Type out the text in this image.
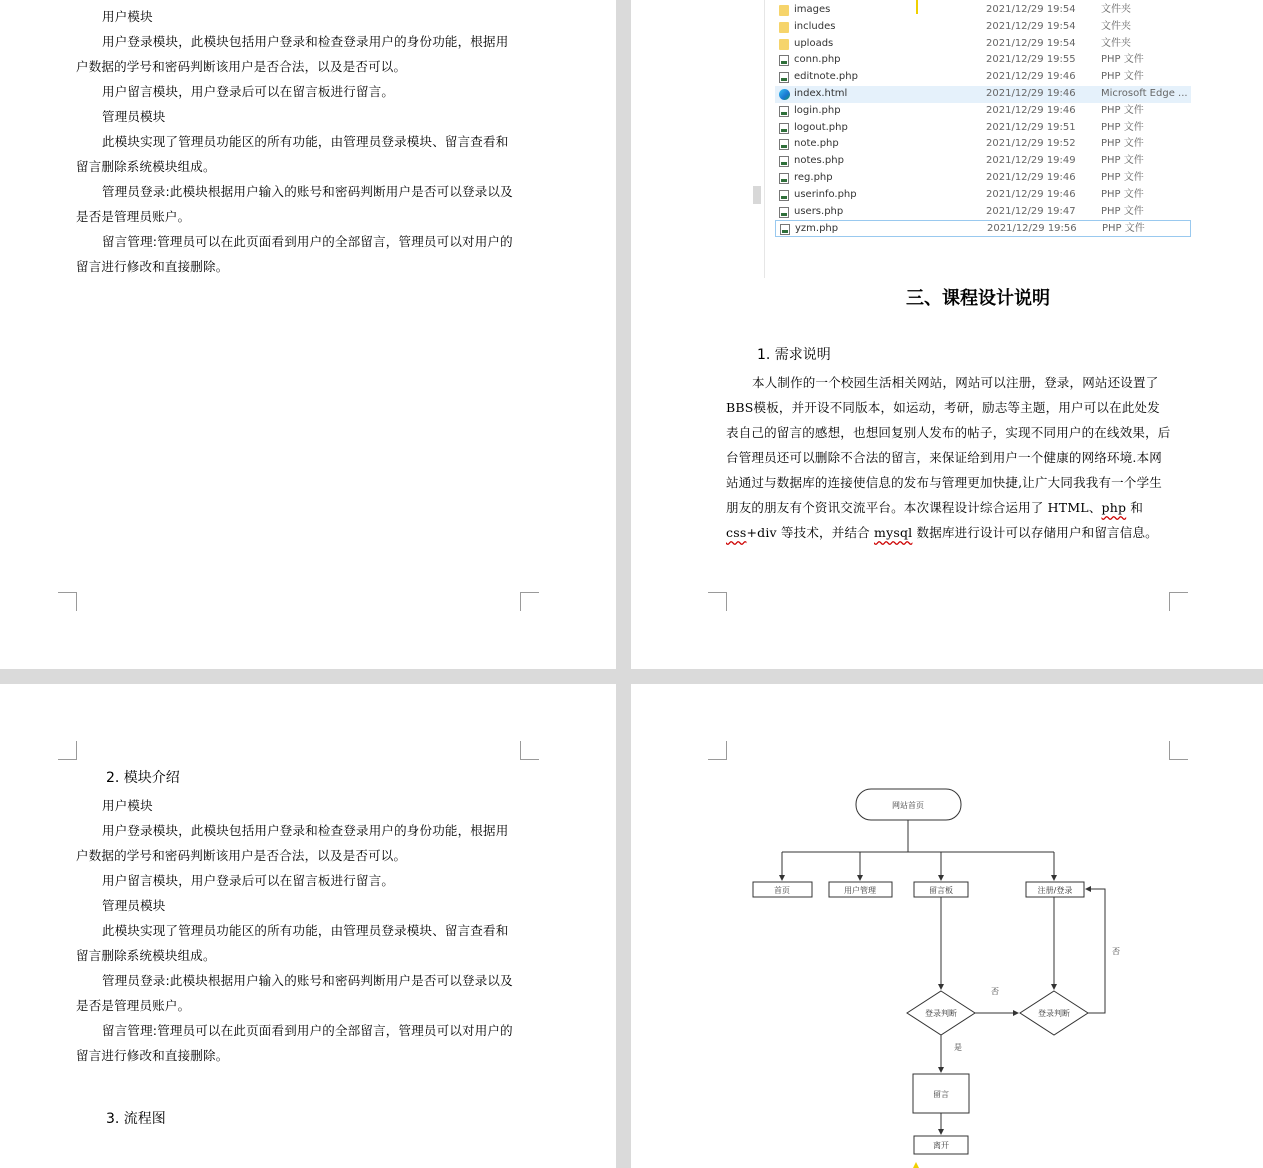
用户模块

用户登录模块，此模块包括用户登录和检查登录用户的身份功能，根据用户数据的学号和密码判断该用户是否合法，以及是否可以。

用户留言模块，用户登录后可以在留言板进行留言。

管理员模块

此模块实现了管理员功能区的所有功能，由管理员登录模块、留言查看和留言删除系统模块组成。

管理员登录:此模块根据用户输入的账号和密码判断用户是否可以登录以及是否是管理员账户。

留言管理:管理员可以在此页面看到用户的全部留言，管理员可以对用户的留言进行修改和直接删除。

images	2021/12/29 19:54	文件夹
includes	2021/12/29 19:54	文件夹
uploads	2021/12/29 19:54	文件夹
conn.php	2021/12/29 19:55	PHP 文件
editnote.php	2021/12/29 19:46	PHP 文件
index.html	2021/12/29 19:46	Microsoft Edge ...
login.php	2021/12/29 19:46	PHP 文件
logout.php	2021/12/29 19:51	PHP 文件
note.php	2021/12/29 19:52	PHP 文件
notes.php	2021/12/29 19:49	PHP 文件
reg.php	2021/12/29 19:46	PHP 文件
userinfo.php	2021/12/29 19:46	PHP 文件
users.php	2021/12/29 19:47	PHP 文件
yzm.php	2021/12/29 19:56	PHP 文件
三、课程设计说明
1. 需求说明

本人制作的一个校园生活相关网站，网站可以注册，登录，网站还设置了BBS模板，并开设不同版本，如运动，考研，励志等主题，用户可以在此处发表自己的留言的感想，也想回复别人发布的帖子，实现不同用户的在线效果，后台管理员还可以删除不合法的留言，来保证给到用户一个健康的网络环境.本网站通过与数据库的连接使信息的发布与管理更加快捷,让广大同我我有一个学生朋友的朋友有个资讯交流平台。本次课程设计综合运用了 HTML、php 和 css+div 等技术，并结合 mysql 数据库进行设计可以存储用户和留言信息。

2. 模块介绍

用户模块

用户登录模块，此模块包括用户登录和检查登录用户的身份功能，根据用户数据的学号和密码判断该用户是否合法，以及是否可以。

用户留言模块，用户登录后可以在留言板进行留言。

管理员模块

此模块实现了管理员功能区的所有功能，由管理员登录模块、留言查看和留言删除系统模块组成。

管理员登录:此模块根据用户输入的账号和密码判断用户是否可以登录以及是否是管理员账户。

留言管理:管理员可以在此页面看到用户的全部留言，管理员可以对用户的留言进行修改和直接删除。

3. 流程图
网站首页
首页	用户管理	留言板	注册/登录
登录判断	登录判断
否
否
是
留言
离开
